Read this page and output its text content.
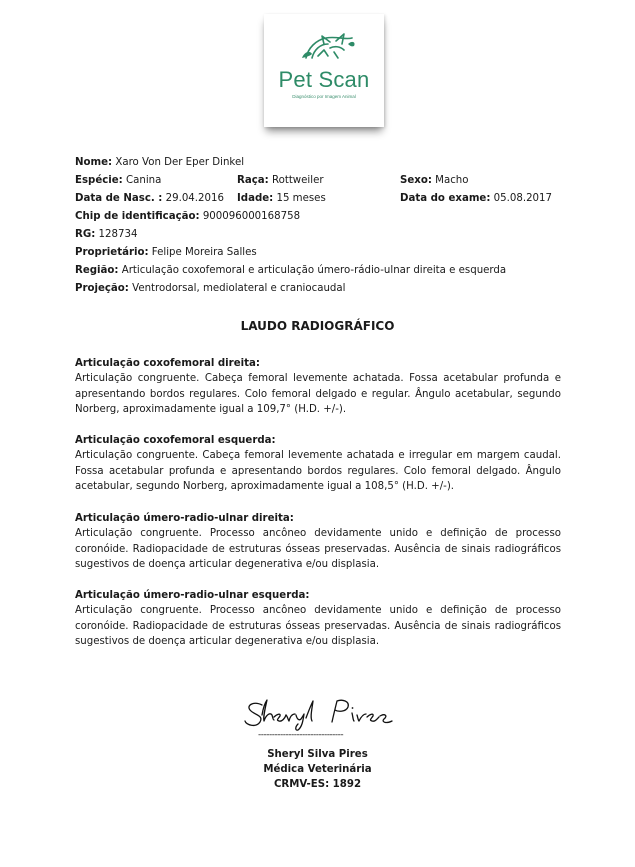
Pet Scan
Diagnóstico por Imagem Animal
Nome: Xaro Von Der Eper Dinkel
Espécie: Canina	Raça: Rottweiler	Sexo: Macho
Data de Nasc. : 29.04.2016 Idade: 15 meses	Data do exame: 05.08.2017
Chip de identificação: 900096000168758
RG: 128734
Proprietário: Felipe Moreira Salles
Região: Articulação coxofemoral e articulação úmero-rádio-ulnar direita e esquerda
Projeção: Ventrodorsal, mediolateral e craniocaudal
LAUDO RADIOGRÁFICO
Articulação coxofemoral direita:
Articulação congruente. Cabeça femoral levemente achatada. Fossa acetabular profunda e apresentando bordos regulares. Colo femoral delgado e regular. Ângulo acetabular, segundo Norberg, aproximadamente igual a 109,7° (H.D. +/-).
Articulação coxofemoral esquerda:
Articulação congruente. Cabeça femoral levemente achatada e irregular em margem caudal. Fossa acetabular profunda e apresentando bordos regulares. Colo femoral delgado. Ângulo acetabular, segundo Norberg, aproximadamente igual a 108,5° (H.D. +/-).
Articulação úmero-radio-ulnar direita:
Articulação congruente. Processo ancôneo devidamente unido e definição de processo coronóide. Radiopacidade de estruturas ósseas preservadas. Ausência de sinais radiográficos sugestivos de doença articular degenerativa e/ou displasia.
Articulação úmero-radio-ulnar esquerda:
Articulação congruente. Processo ancôneo devidamente unido e definição de processo coronóide. Radiopacidade de estruturas ósseas preservadas. Ausência de sinais radiográficos sugestivos de doença articular degenerativa e/ou displasia.
-------------------------------
Sheryl Silva Pires
Médica Veterinária
CRMV-ES: 1892
